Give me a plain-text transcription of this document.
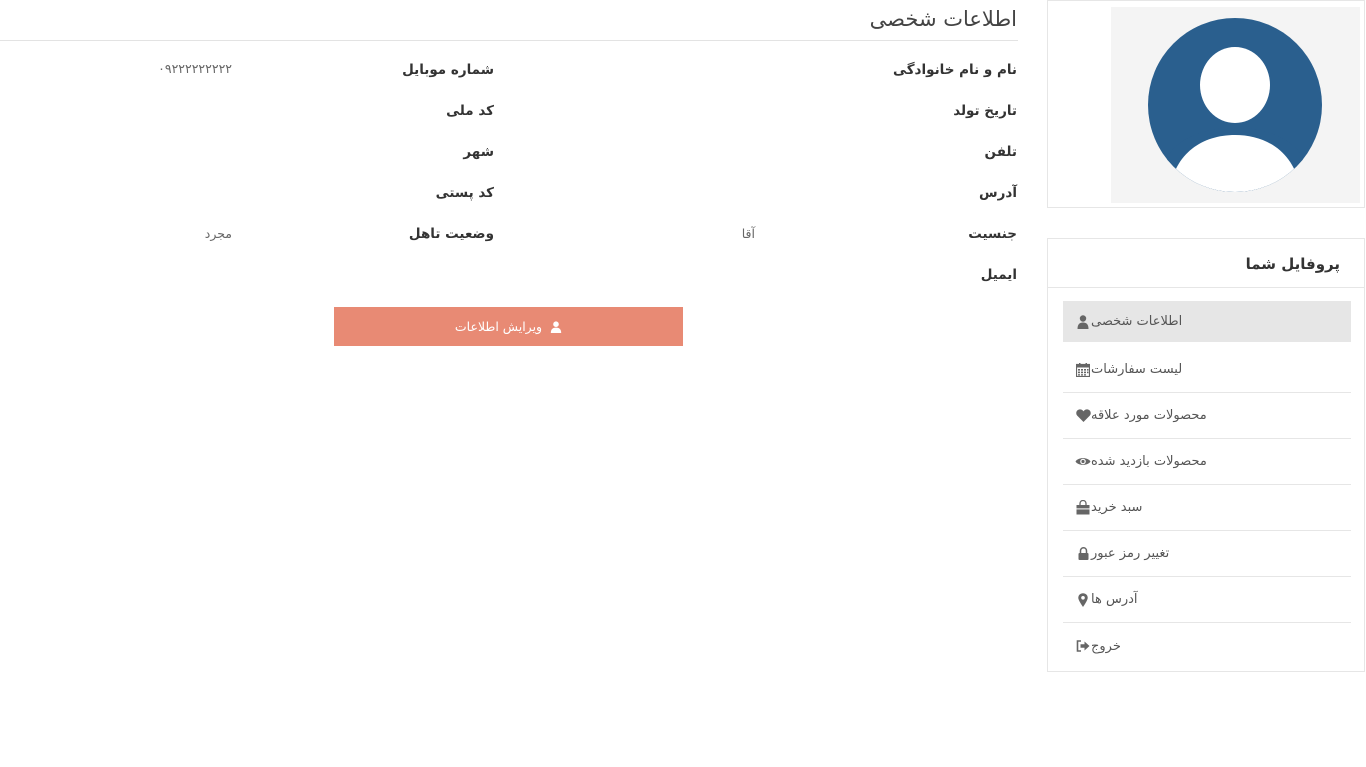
اطلاعات شخصی
نام و نام خانوادگی
شماره موبایل
۰۹۲۲۲۲۲۲۲۲۲
تاریخ تولد
کد ملی
تلفن
شهر
آدرس
کد پستی
جنسیت
آقا
وضعیت تاهل
مجرد
ایمیل
ویرایش اطلاعات
پروفایل شما
اطلاعات شخصی
لیست سفارشات
محصولات مورد علاقه
محصولات بازدید شده
سبد خرید
تغییر رمز عبور
آدرس ها
خروج
